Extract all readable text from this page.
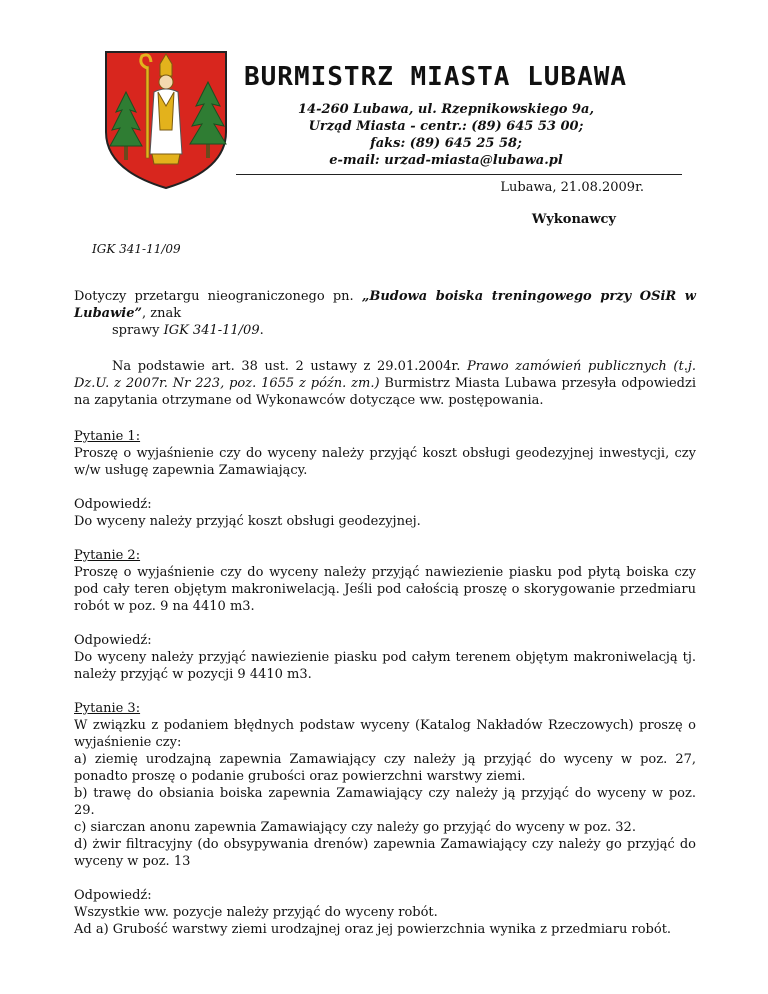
BURMISTRZ MIASTA LUBAWA
14-260 Lubawa, ul. Rzepnikowskiego 9a,
Urząd Miasta - centr.: (89) 645 53 00;
faks: (89) 645 25 58;
e-mail: urzad-miasta@lubawa.pl
Lubawa, 21.08.2009r.
Wykonawcy
IGK 341-11/09

Dotyczy przetargu nieograniczonego pn. „Budowa boiska treningowego przy OSiR w Lubawie”, znak
sprawy IGK 341-11/09.

Na podstawie art. 38 ust. 2 ustawy z 29.01.2004r. Prawo zamówień publicznych (t.j. Dz.U. z 2007r. Nr 223, poz. 1655 z późn. zm.) Burmistrz Miasta Lubawa przesyła odpowiedzi na zapytania otrzymane od Wykonawców dotyczące ww. postępowania.

Pytanie 1:
Proszę o wyjaśnienie czy do wyceny należy przyjąć koszt obsługi geodezyjnej inwestycji, czy w/w usługę zapewnia Zamawiający.

Odpowiedź:
Do wyceny należy przyjąć koszt obsługi geodezyjnej.

Pytanie 2:
Proszę o wyjaśnienie czy do wyceny należy przyjąć nawiezienie piasku pod płytą boiska czy pod cały teren objętym makroniwelacją. Jeśli pod całością proszę o skorygowanie przedmiaru robót w poz. 9 na 4410 m3.

Odpowiedź:
Do wyceny należy przyjąć nawiezienie piasku pod całym terenem objętym makroniwelacją tj. należy przyjąć w pozycji 9 4410 m3.

Pytanie 3:
W związku z podaniem błędnych podstaw wyceny (Katalog Nakładów Rzeczowych) proszę o wyjaśnienie czy:
a) ziemię urodzajną zapewnia Zamawiający czy należy ją przyjąć do wyceny w poz. 27, ponadto proszę o podanie grubości oraz powierzchni warstwy ziemi.
b) trawę do obsiania boiska zapewnia Zamawiający czy należy ją przyjąć do wyceny w poz. 29.
c) siarczan anonu zapewnia Zamawiający czy należy go przyjąć do wyceny w poz. 32.
d) żwir filtracyjny (do obsypywania drenów) zapewnia Zamawiający czy należy go przyjąć do wyceny w poz. 13

Odpowiedź:
Wszystkie ww. pozycje należy przyjąć do wyceny robót.
Ad a) Grubość warstwy ziemi urodzajnej oraz jej powierzchnia wynika z przedmiaru robót.
